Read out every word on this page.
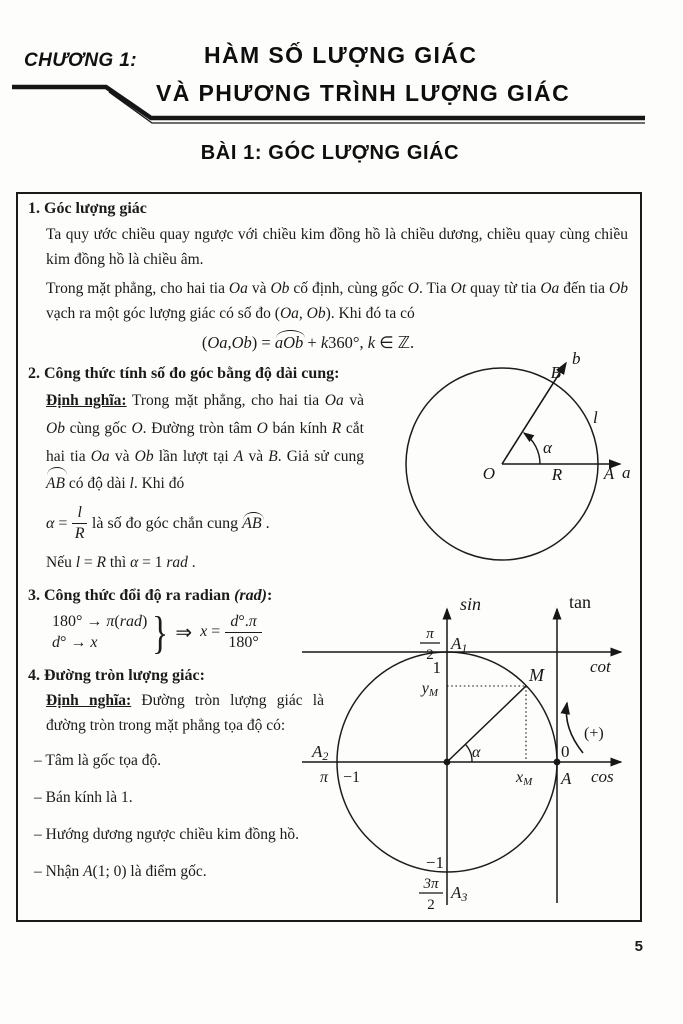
CHƯƠNG 1:	HÀM SỐ LƯỢNG GIÁC
VÀ PHƯƠNG TRÌNH LƯỢNG GIÁC
BÀI 1: GÓC LƯỢNG GIÁC
1. Góc lượng giác
Ta quy ước chiều quay ngược với chiều kim đồng hồ là chiều dương, chiều quay cùng chiều kim đồng hồ là chiều âm.
Trong mặt phẳng, cho hai tia Oa và Ob cố định, cùng gốc O. Tia Ot quay từ tia Oa đến tia Ob vạch ra một góc lượng giác có số đo (Oa, Ob). Khi đó ta có
(Oa,Ob) = aOb + k360°, k ∈ ℤ.
2. Công thức tính số đo góc bằng độ dài cung:
Định nghĩa: Trong mặt phẳng, cho hai tia Oa và Ob cùng gốc O. Đường tròn tâm O bán kính R cắt hai tia Oa và Ob lần lượt tại A và B. Giả sử cung AB có độ dài l. Khi đó
$\alpha = \frac{l}{R}$ là số đo góc chắn cung AB .
Nếu l = R thì α = 1 rad .
3. Công thức đổi độ ra radian (rad):
180° → π(rad)
d° → x	} ⇒ $x = \frac{d^\circ.\pi}{180^\circ}$
4. Đường tròn lượng giác:
Định nghĩa: Đường tròn lượng giác là đường tròn trong mặt phẳng tọa độ có:
– Tâm là gốc tọa độ.
– Bán kính là 1.
– Hướng dương ngược chiều kim đồng hồ.
– Nhận A(1; 0) là điểm gốc.
O	R A a
B
b
l
α
sin	tan
cot
cos
π
2
A1
1
yM
M
xM
α
(+)
0
A
A2
π −1
−1
3π
2
A3
5
